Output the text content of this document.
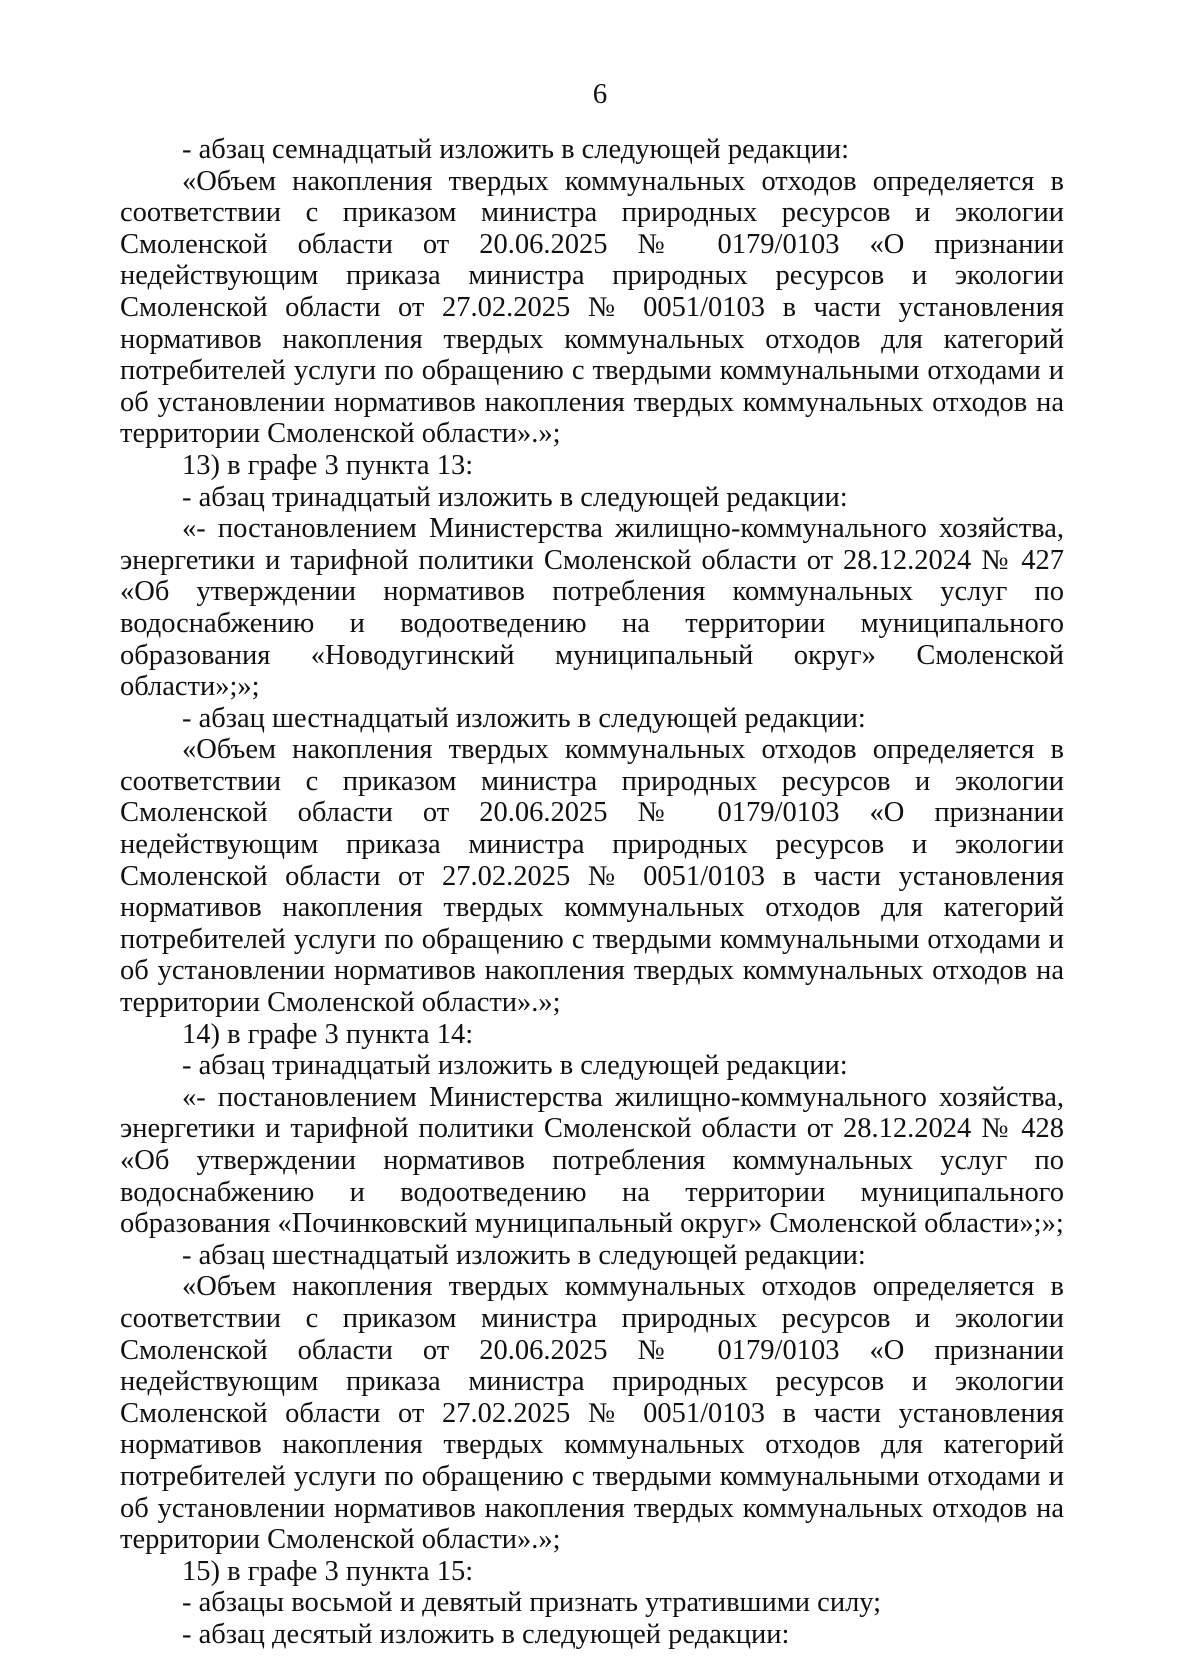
6

- абзац семнадцатый изложить в следующей редакции:

«Объем накопления твердых коммунальных отходов определяется в соответствии с приказом министра природных ресурсов и экологии Смоленской области от 20.06.2025 № 0179/0103 «О признании недействующим приказа министра природных ресурсов и экологии Смоленской области от 27.02.2025 № 0051/0103 в части установления нормативов накопления твердых коммунальных отходов для категорий потребителей услуги по обращению с твердыми коммунальными отходами и об установлении нормативов накопления твердых коммунальных отходов на территории Смоленской области».»;

13) в графе 3 пункта 13:

- абзац тринадцатый изложить в следующей редакции:

«- постановлением Министерства жилищно-коммунального хозяйства, энергетики и тарифной политики Смоленской области от 28.12.2024 № 427 «Об утверждении нормативов потребления коммунальных услуг по водоснабжению и водоотведению на территории муниципального образования «Новодугинский муниципальный округ» Смоленской области»;»;

- абзац шестнадцатый изложить в следующей редакции:

«Объем накопления твердых коммунальных отходов определяется в соответствии с приказом министра природных ресурсов и экологии Смоленской области от 20.06.2025 № 0179/0103 «О признании недействующим приказа министра природных ресурсов и экологии Смоленской области от 27.02.2025 № 0051/0103 в части установления нормативов накопления твердых коммунальных отходов для категорий потребителей услуги по обращению с твердыми коммунальными отходами и об установлении нормативов накопления твердых коммунальных отходов на территории Смоленской области».»;

14) в графе 3 пункта 14:

- абзац тринадцатый изложить в следующей редакции:

«- постановлением Министерства жилищно-коммунального хозяйства, энергетики и тарифной политики Смоленской области от 28.12.2024 № 428 «Об утверждении нормативов потребления коммунальных услуг по водоснабжению и водоотведению на территории муниципального образования «Починковский муниципальный округ» Смоленской области»;»;

- абзац шестнадцатый изложить в следующей редакции:

«Объем накопления твердых коммунальных отходов определяется в соответствии с приказом министра природных ресурсов и экологии Смоленской области от 20.06.2025 № 0179/0103 «О признании недействующим приказа министра природных ресурсов и экологии Смоленской области от 27.02.2025 № 0051/0103 в части установления нормативов накопления твердых коммунальных отходов для категорий потребителей услуги по обращению с твердыми коммунальными отходами и об установлении нормативов накопления твердых коммунальных отходов на территории Смоленской области».»;

15) в графе 3 пункта 15:

- абзацы восьмой и девятый признать утратившими силу;

- абзац десятый изложить в следующей редакции:
